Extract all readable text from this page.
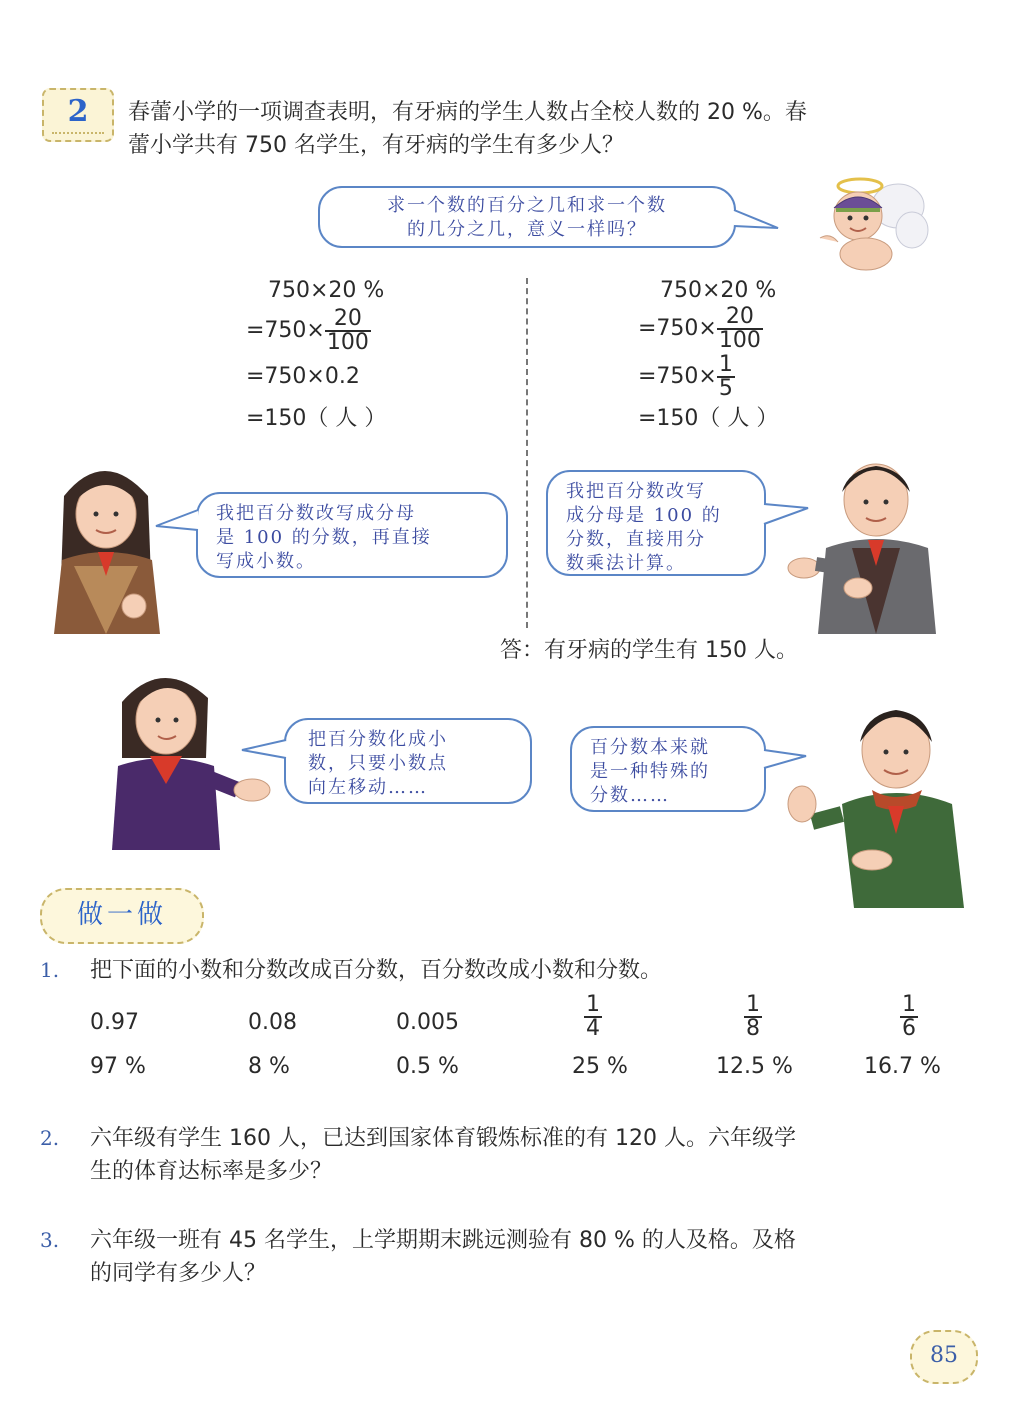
2	春蕾小学的一项调查表明，有牙病的学生人数占全校人数的 20 %。春
蕾小学共有 750 名学生，有牙病的学生有多少人？
求一个数的百分之几和求一个数
的几分之几，意义一样吗？
750×20 %
$=750\times \frac{20}{100}$
=750×0.2
=150（ 人 ）
750×20 %
$=750\times \frac{20}{100}$
$=750\times \frac{1}{5}$
=150（ 人 ）
我把百分数改写成分母
是 100 的分数，再直接
写成小数。
我把百分数改写
成分母是 100 的
分数，直接用分
数乘法计算。
答：有牙病的学生有 150 人。
把百分数化成小
数，只要小数点
向左移动……
百分数本来就
是一种特殊的
分数……
做一做
1. 把下面的小数和分数改成百分数，百分数改成小数和分数。
0.97	0.08	0.005	$\frac{1}{4}$	$\frac{1}{8}$	$\frac{1}{6}$
97 %	8 %	0.5 %	25 %	12.5 %	16.7 %
2. 六年级有学生 160 人，已达到国家体育锻炼标准的有 120 人。六年级学
生的体育达标率是多少？
3. 六年级一班有 45 名学生，上学期期末跳远测验有 80 % 的人及格。及格
的同学有多少人？
85
